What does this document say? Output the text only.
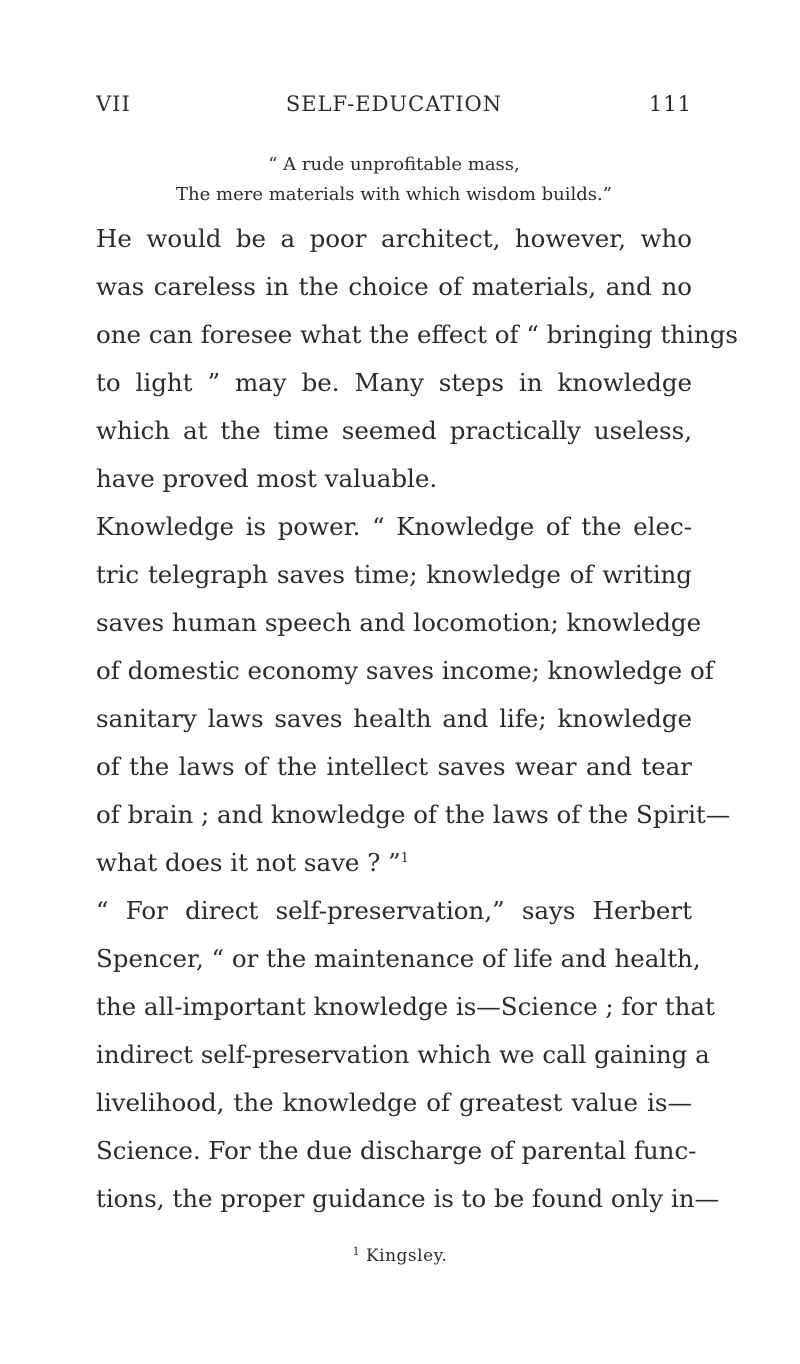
VII	SELF-EDUCATION	111
“ A rude unprofitable mass,
The mere materials with which wisdom builds.”
He would be a poor architect, however, who
was careless in the choice of materials, and no
one can foresee what the effect of “ bringing things
to light ” may be. Many steps in knowledge
which at the time seemed practically useless,
have proved most valuable.
Knowledge is power. “ Knowledge of the elec-
tric telegraph saves time; knowledge of writing
saves human speech and locomotion; knowledge
of domestic economy saves income; knowledge of
sanitary laws saves health and life; knowledge
of the laws of the intellect saves wear and tear
of brain ; and knowledge of the laws of the Spirit—
what does it not save ? ”$^1$
“ For direct self-preservation,” says Herbert
Spencer, “ or the maintenance of life and health,
the all-important knowledge is—Science ; for that
indirect self-preservation which we call gaining a
livelihood, the knowledge of greatest value is—
Science. For the due discharge of parental func-
tions, the proper guidance is to be found only in—
$^1$ Kingsley.
